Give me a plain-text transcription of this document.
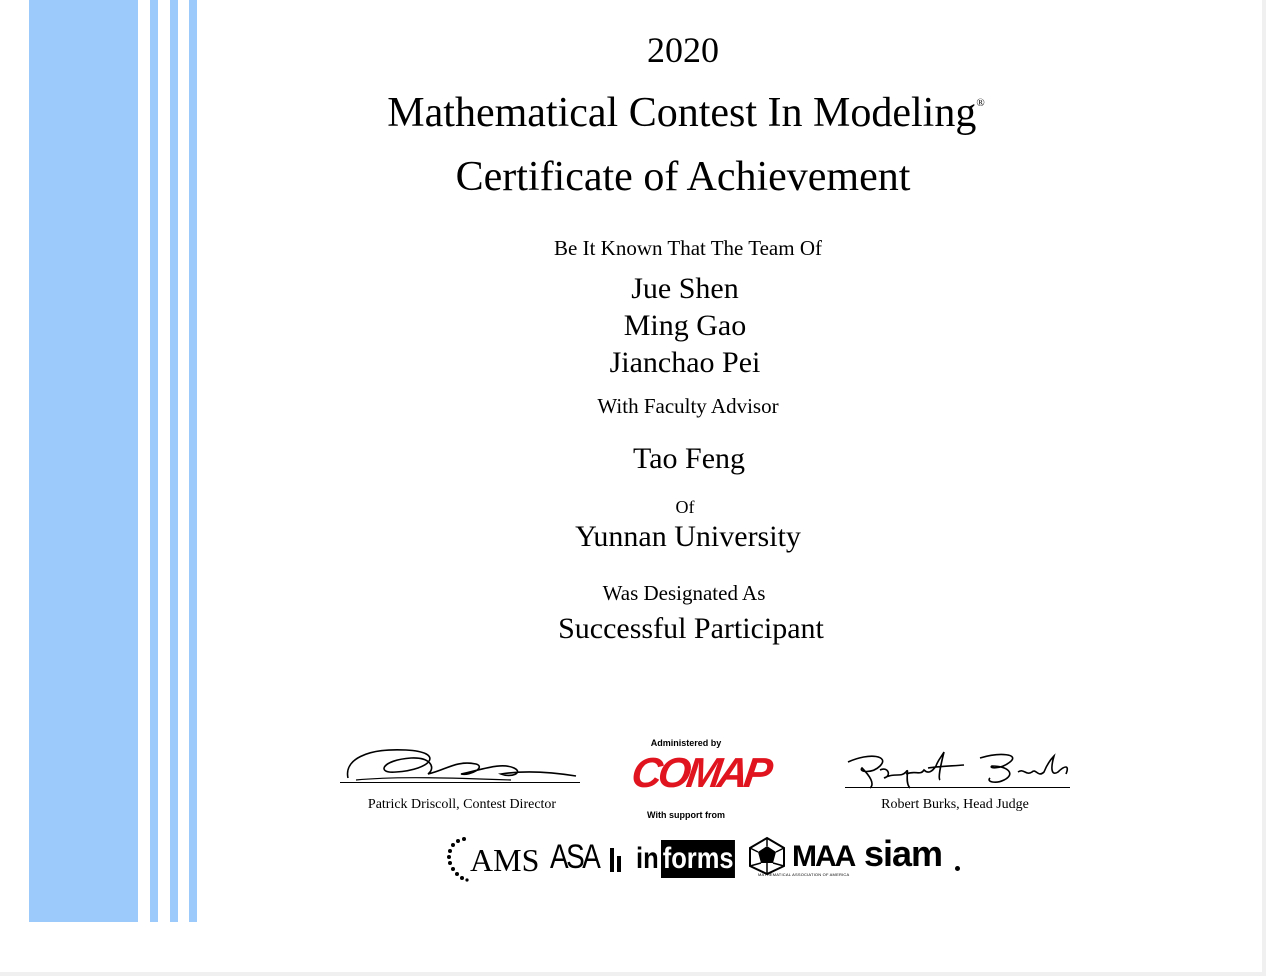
2020
Mathematical Contest In Modeling®
Certificate of Achievement
Be It Known That The Team Of
Jue Shen
Ming Gao
Jianchao Pei
With Faculty Advisor
Tao Feng
Of
Yunnan University
Was Designated As
Successful Participant
Patrick Driscoll, Contest Director	Robert Burks, Head Judge
Administered by
COMAP
With support from
AMS ASA in forms	MAA
MATHEMATICAL ASSOCIATION OF AMERICA
siam
